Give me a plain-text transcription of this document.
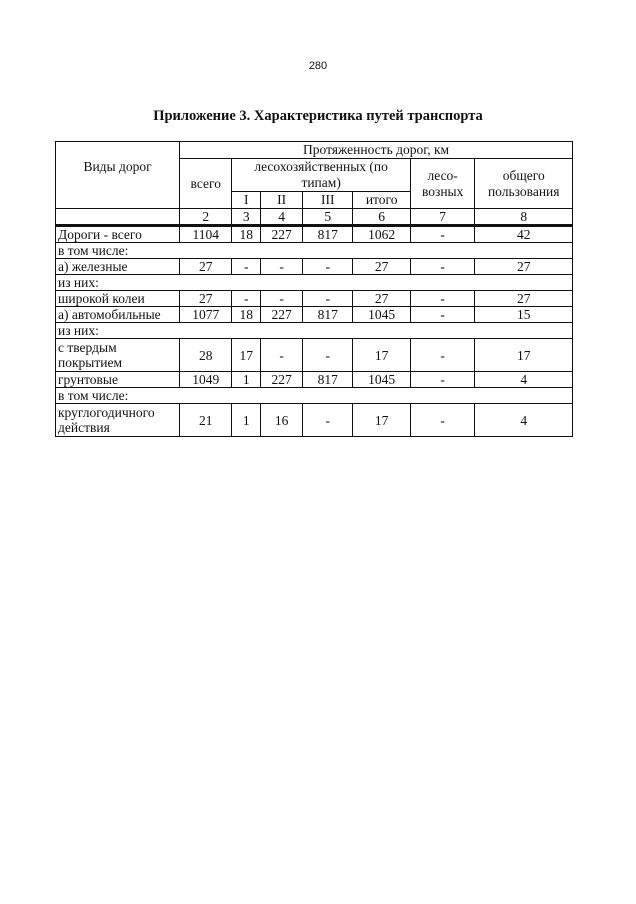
280
Приложение 3. Характеристика путей транспорта
Виды дорог	Протяженность дорог, км						
	всего	лесохозяйственных (по типам)				лесо-возных	общего пользования
		I	II	III	итого		
	2	3	4	5	6	7	8
Дороги - всего	1104	18	227	817	1062	-	42
в том числе:							
а) железные	27	-	-	-	27	-	27
из них:							
широкой колеи	27	-	-	-	27	-	27
а) автомобильные	1077	18	227	817	1045	-	15
из них:							
с твердым покрытием	28	17	-	-	17	-	17
грунтовые	1049	1	227	817	1045	-	4
в том числе:							
круглогодичного действия	21	1	16	-	17	-	4
